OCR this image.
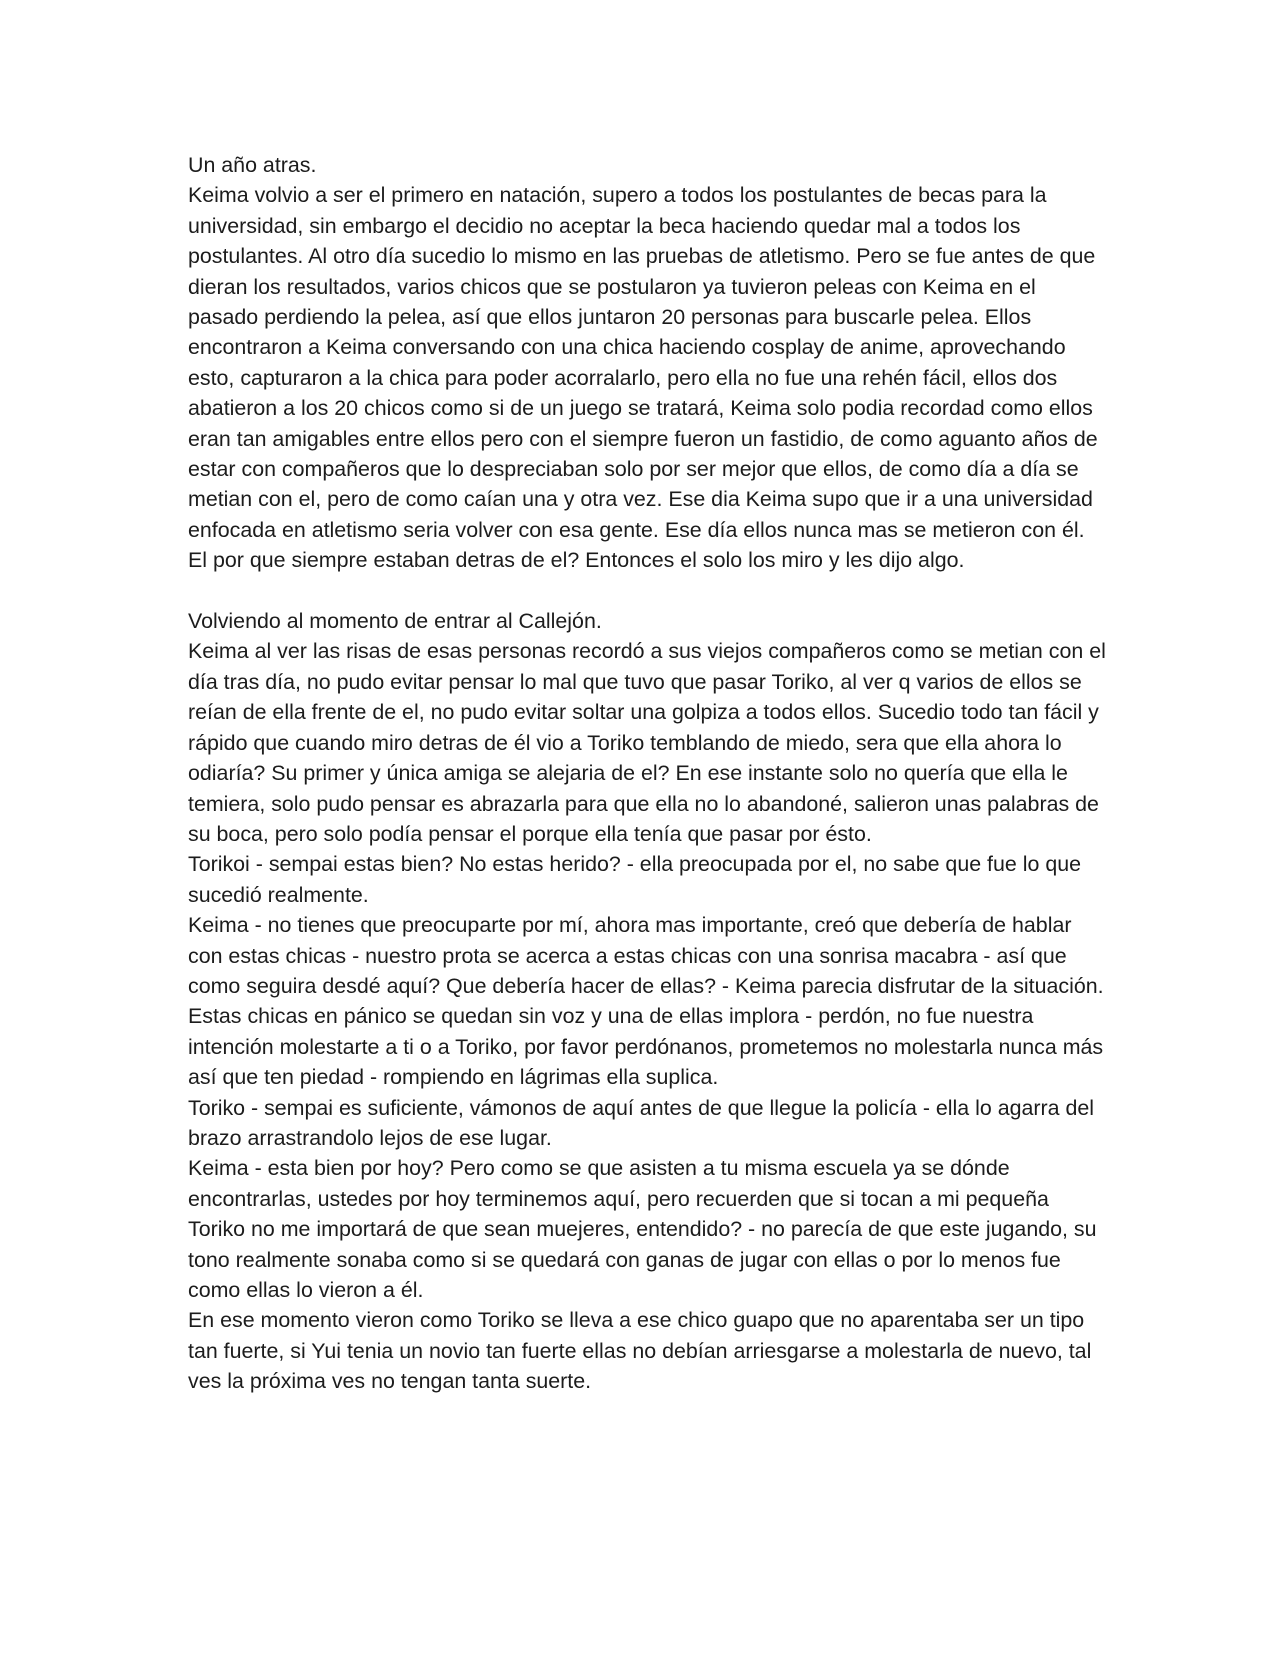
Un año atras.

Keima volvio a ser el primero en natación, supero a todos los postulantes de becas para la universidad, sin embargo el decidio no aceptar la beca haciendo quedar mal a todos los postulantes. Al otro día sucedio lo mismo en las pruebas de atletismo. Pero se fue antes de que dieran los resultados, varios chicos que se postularon ya tuvieron peleas con Keima en el pasado perdiendo la pelea, así que ellos juntaron 20 personas para buscarle pelea. Ellos encontraron a Keima conversando con una chica haciendo cosplay de anime, aprovechando esto, capturaron a la chica para poder acorralarlo, pero ella no fue una rehén fácil, ellos dos abatieron a los 20 chicos como si de un juego se tratará, Keima solo podia recordad como ellos eran tan amigables entre ellos pero con el siempre fueron un fastidio, de como aguanto años de estar con compañeros que lo despreciaban solo por ser mejor que ellos, de como día a día se metian con el, pero de como caían una y otra vez. Ese dia Keima supo que ir a una universidad enfocada en atletismo seria volver con esa gente. Ese día ellos nunca mas se metieron con él. El por que siempre estaban detras de el? Entonces el solo los miro y les dijo algo.

Volviendo al momento de entrar al Callejón.

Keima al ver las risas de esas personas recordó a sus viejos compañeros como se metian con el día tras día, no pudo evitar pensar lo mal que tuvo que pasar Toriko, al ver q varios de ellos se reían de ella frente de el, no pudo evitar soltar una golpiza a todos ellos. Sucedio todo tan fácil y rápido que cuando miro detras de él vio a Toriko temblando de miedo, sera que ella ahora lo odiaría? Su primer y única amiga se alejaria de el? En ese instante solo no quería que ella le temiera, solo pudo pensar es abrazarla para que ella no lo abandoné, salieron unas palabras de su boca, pero solo podía pensar el porque ella tenía que pasar por ésto.

Torikoi - sempai estas bien? No estas herido? - ella preocupada por el, no sabe que fue lo que sucedió realmente.

Keima - no tienes que preocuparte por mí, ahora mas importante, creó que debería de hablar con estas chicas - nuestro prota se acerca a estas chicas con una sonrisa macabra - así que como seguira desdé aquí? Que debería hacer de ellas? - Keima parecia disfrutar de la situación.

Estas chicas en pánico se quedan sin voz y una de ellas implora - perdón, no fue nuestra intención molestarte a ti o a Toriko, por favor perdónanos, prometemos no molestarla nunca más así que ten piedad - rompiendo en lágrimas ella suplica.

Toriko - sempai es suficiente, vámonos de aquí antes de que llegue la policía - ella lo agarra del brazo arrastrandolo lejos de ese lugar.

Keima - esta bien por hoy? Pero como se que asisten a tu misma escuela ya se dónde encontrarlas, ustedes por hoy terminemos aquí, pero recuerden que si tocan a mi pequeña Toriko no me importará de que sean muejeres, entendido? - no parecía de que este jugando, su tono realmente sonaba como si se quedará con ganas de jugar con ellas o por lo menos fue como ellas lo vieron a él.

En ese momento vieron como Toriko se lleva a ese chico guapo que no aparentaba ser un tipo tan fuerte, si Yui tenia un novio tan fuerte ellas no debían arriesgarse a molestarla de nuevo, tal ves la próxima ves no tengan tanta suerte.
